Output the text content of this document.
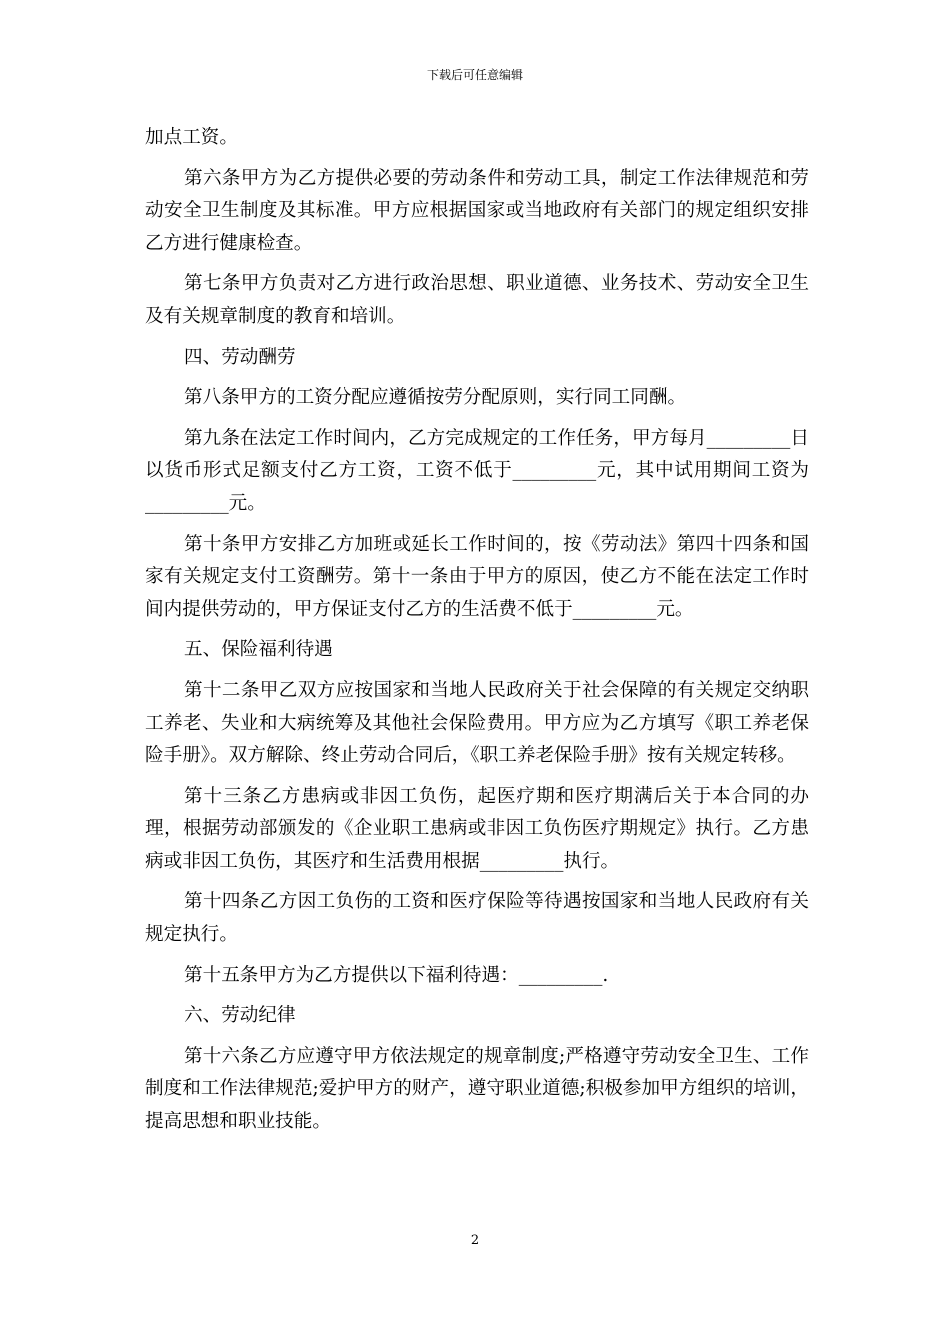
下载后可任意编辑

加点工资。

第六条甲方为乙方提供必要的劳动条件和劳动工具，制定工作法律规范和劳动安全卫生制度及其标准。甲方应根据国家或当地政府有关部门的规定组织安排乙方进行健康检查。

第七条甲方负责对乙方进行政治思想、职业道德、业务技术、劳动安全卫生及有关规章制度的教育和培训。

四、劳动酬劳

第八条甲方的工资分配应遵循按劳分配原则，实行同工同酬。

第九条在法定工作时间内，乙方完成规定的工作任务，甲方每月_________日以货币形式足额支付乙方工资，工资不低于_________元，其中试用期间工资为_________元。

第十条甲方安排乙方加班或延长工作时间的，按《劳动法》第四十四条和国家有关规定支付工资酬劳。第十一条由于甲方的原因，使乙方不能在法定工作时间内提供劳动的，甲方保证支付乙方的生活费不低于_________元。

五、保险福利待遇

第十二条甲乙双方应按国家和当地人民政府关于社会保障的有关规定交纳职工养老、失业和大病统筹及其他社会保险费用。甲方应为乙方填写《职工养老保险手册》。双方解除、终止劳动合同后，《职工养老保险手册》按有关规定转移。

第十三条乙方患病或非因工负伤，起医疗期和医疗期满后关于本合同的办理，根据劳动部颁发的《企业职工患病或非因工负伤医疗期规定》执行。乙方患病或非因工负伤，其医疗和生活费用根据_________执行。

第十四条乙方因工负伤的工资和医疗保险等待遇按国家和当地人民政府有关规定执行。

第十五条甲方为乙方提供以下福利待遇：_________.

六、劳动纪律

第十六条乙方应遵守甲方依法规定的规章制度;严格遵守劳动安全卫生、工作制度和工作法律规范;爱护甲方的财产，遵守职业道德;积极参加甲方组织的培训，提高思想和职业技能。

2
